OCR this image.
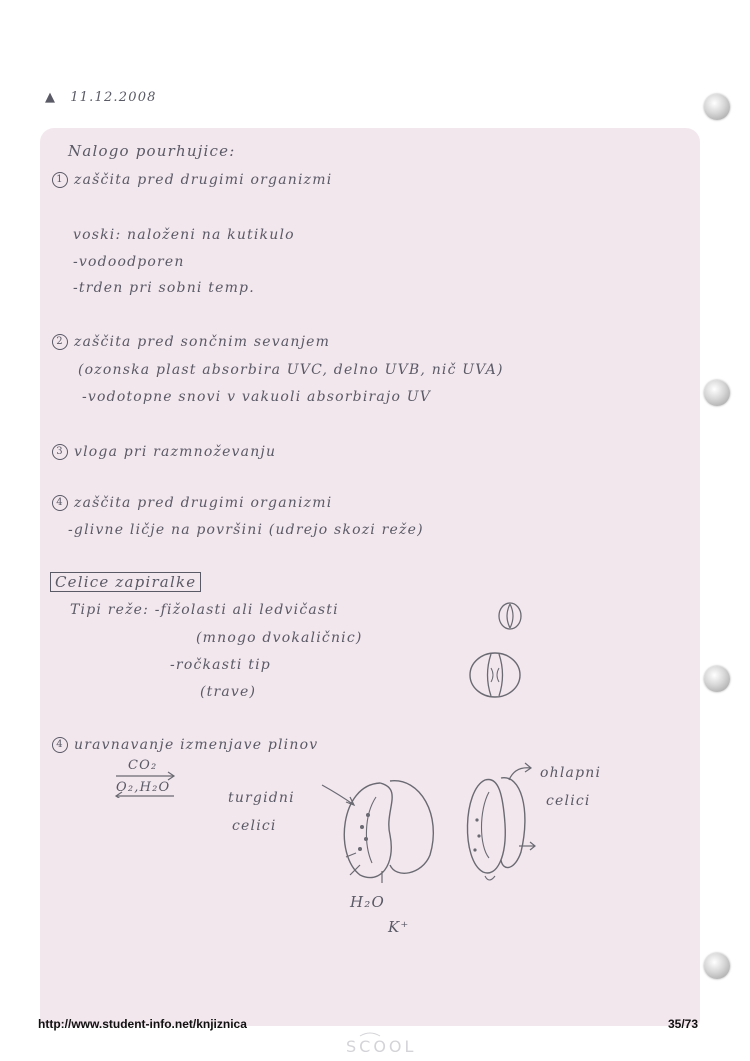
▲ 11.12.2008
Nalogo pourhujice:
1 zaščita pred drugimi organizmi
voski: naloženi na kutikulo
-vodoodporen
-trden pri sobni temp.
2 zaščita pred sončnim sevanjem
(ozonska plast absorbira UVC, delno UVB, nič UVA)
-vodotopne snovi v vakuoli absorbirajo UV
3 vloga pri razmnoževanju
4 zaščita pred drugimi organizmi
-glivne ličje na površini (udrejo skozi reže)
Celice zapiralke
Tipi reže: -fižolasti ali ledvičasti
(mnogo dvokaličnic)
-ročkasti tip
(trave)
4 uravnavanje izmenjave plinov
CO₂
O₂,H₂O
turgidni
celici
H₂O
K⁺
ohlapni
celici
http://www.student-info.net/knjiznica	35/73
SCOOL
